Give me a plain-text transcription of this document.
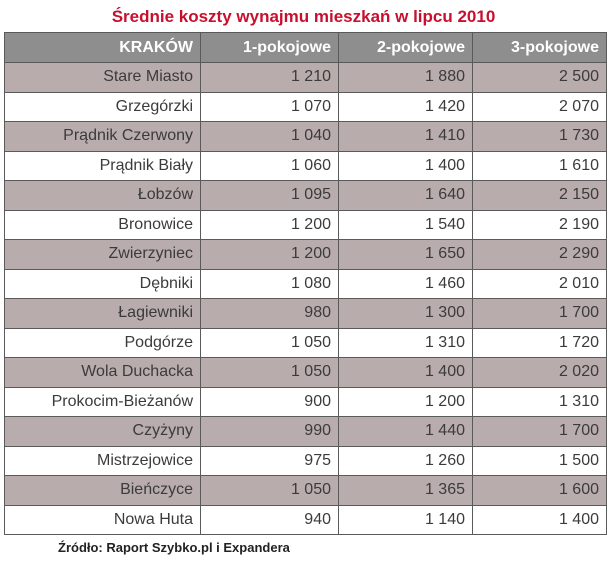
Średnie koszty wynajmu mieszkań w lipcu 2010
KRAKÓW	1-pokojowe	2-pokojowe	3-pokojowe
Stare Miasto	1 210	1 880	2 500
Grzegórzki	1 070	1 420	2 070
Prądnik Czerwony	1 040	1 410	1 730
Prądnik Biały	1 060	1 400	1 610
Łobzów	1 095	1 640	2 150
Bronowice	1 200	1 540	2 190
Zwierzyniec	1 200	1 650	2 290
Dębniki	1 080	1 460	2 010
Łagiewniki	980	1 300	1 700
Podgórze	1 050	1 310	1 720
Wola Duchacka	1 050	1 400	2 020
Prokocim-Bieżanów	900	1 200	1 310
Czyżyny	990	1 440	1 700
Mistrzejowice	975	1 260	1 500
Bieńczyce	1 050	1 365	1 600
Nowa Huta	940	1 140	1 400
Źródło: Raport Szybko.pl i Expandera
